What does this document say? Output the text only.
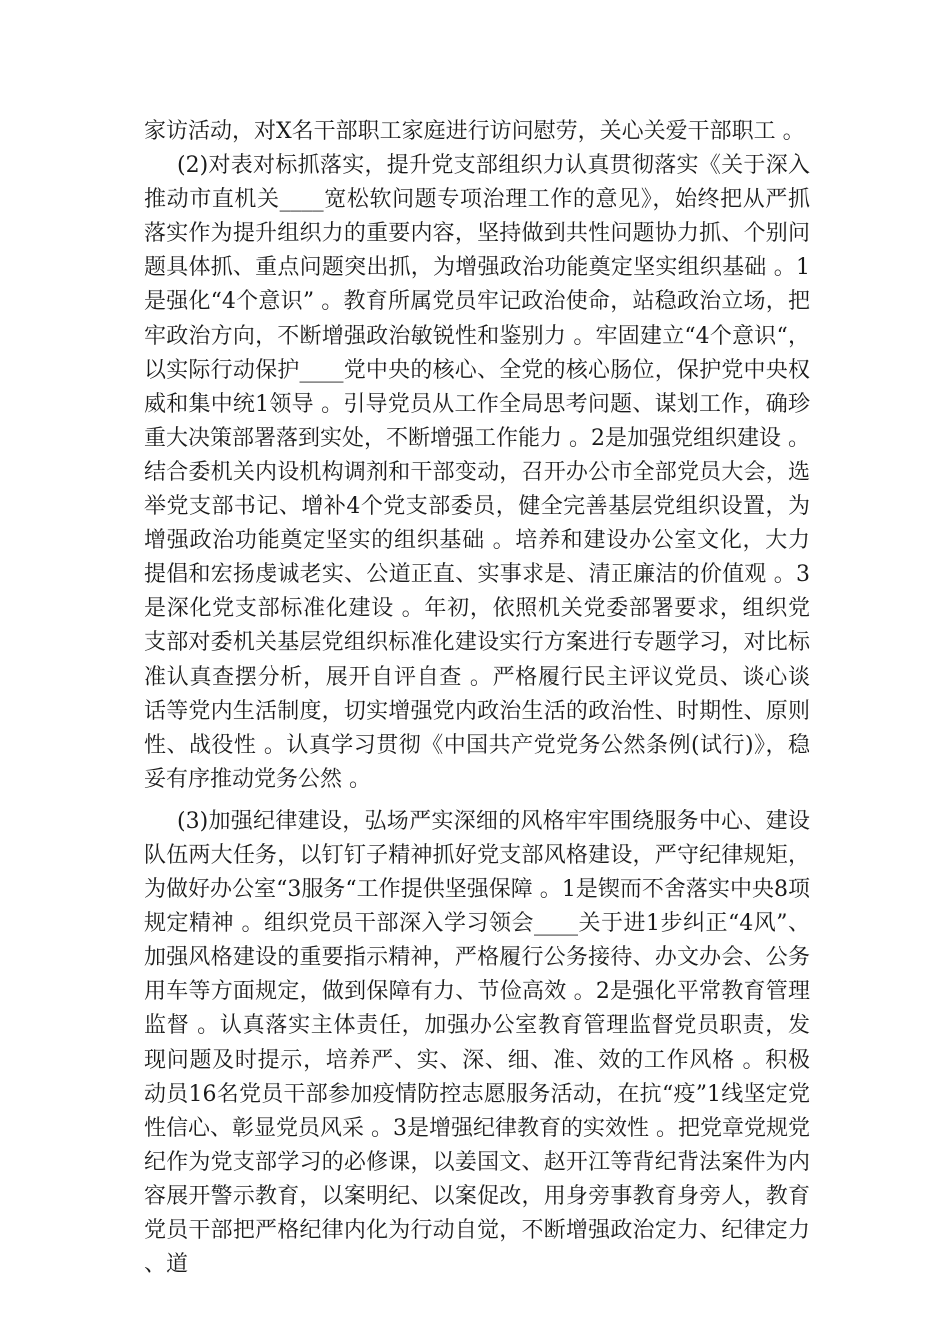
家访活动，对X名干部职工家庭进行访问慰劳，关心关爱干部职工 。

(2)对表对标抓落实，提升党支部组织力认真贯彻落实《关于深入推动市直机关____宽松软问题专项治理工作的意见》，始终把从严抓落实作为提升组织力的重要内容，坚持做到共性问题协力抓、个别问题具体抓、重点问题突出抓，为增强政治功能奠定坚实组织基础 。1是强化“4个意识” 。教育所属党员牢记政治使命，站稳政治立场，把牢政治方向，不断增强政治敏锐性和鉴别力 。牢固建立“4个意识“，以实际行动保护____党中央的核心、全党的核心肠位，保护党中央权威和集中统1领导 。引导党员从工作全局思考问题、谋划工作，确珍重大决策部署落到实处，不断增强工作能力 。2是加强党组织建设 。结合委机关内设机构调剂和干部变动，召开办公市全部党员大会，选举党支部书记、增补4个党支部委员，健全完善基层党组织设置，为增强政治功能奠定坚实的组织基础 。培养和建设办公室文化，大力提倡和宏扬虔诚老实、公道正直、实事求是、清正廉洁的价值观 。3是深化党支部标准化建设 。年初，依照机关党委部署要求，组织党支部对委机关基层党组织标准化建设实行方案进行专题学习，对比标准认真查摆分析，展开自评自查 。严格履行民主评议党员、谈心谈话等党内生活制度，切实增强党内政治生活的政治性、时期性、原则性、战役性 。认真学习贯彻《中国共产党党务公然条例(试行)》，稳妥有序推动党务公然 。

(3)加强纪律建设，弘场严实深细的风格牢牢围绕服务中心、建设队伍两大任务，以钉钉子精神抓好党支部风格建设，严守纪律规矩，为做好办公室“3服务“工作提供坚强保障 。1是锲而不舍落实中央8项规定精神 。组织党员干部深入学习领会____关于进1步纠正“4风”、加强风格建设的重要指示精神，严格履行公务接待、办文办会、公务用车等方面规定，做到保障有力、节俭高效 。2是强化平常教育管理监督 。认真落实主体责任，加强办公室教育管理监督党员职责，发现问题及时提示，培养严、实、深、细、准、效的工作风格 。积极动员16名党员干部参加疫情防控志愿服务活动，在抗“疫”1线坚定党性信心、彰显党员风采 。3是增强纪律教育的实效性 。把党章党规党纪作为党支部学习的必修课，以姜国文、赵开江等背纪背法案件为内容展开警示教育，以案明纪、以案促改，用身旁事教育身旁人，教育党员干部把严格纪律内化为行动自觉，不断增强政治定力、纪律定力、道
